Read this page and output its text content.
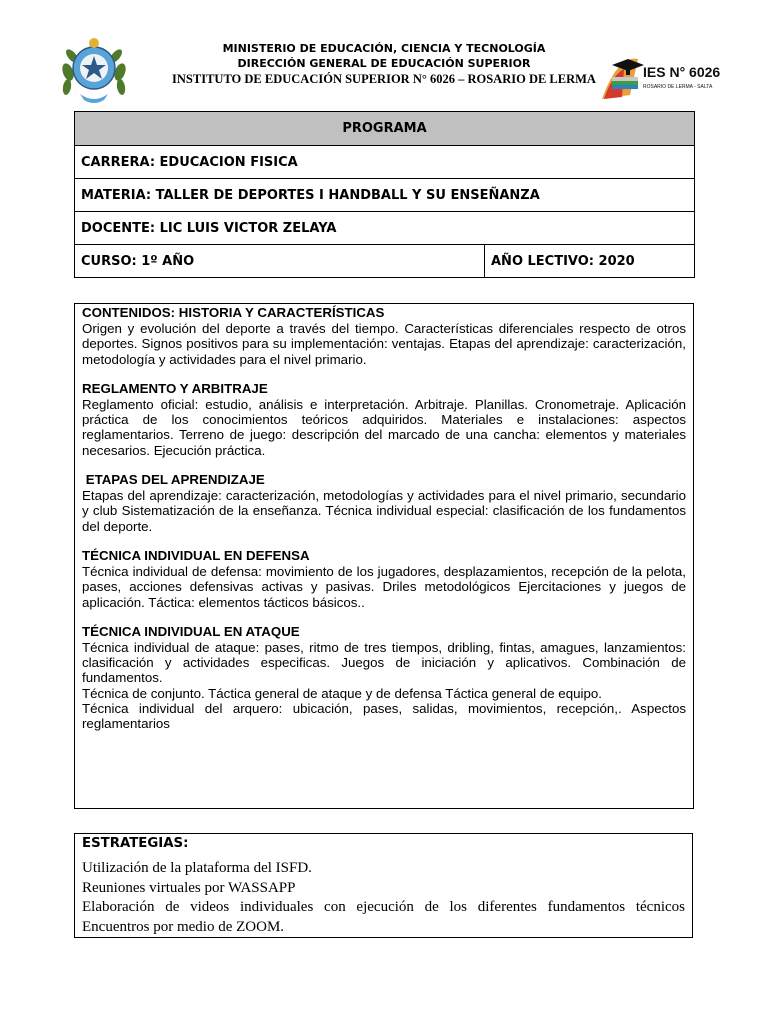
MINISTERIO DE EDUCACIÓN, CIENCIA Y TECNOLOGÍA
DIRECCIÓN GENERAL DE EDUCACIÓN SUPERIOR
INSTITUTO DE EDUCACIÓN SUPERIOR N° 6026 – ROSARIO DE LERMA	IES N° 6026
ROSARIO DE LERMA - SALTA
PROGRAMA
CARRERA: EDUCACION FISICA
MATERIA: TALLER DE DEPORTES I HANDBALL Y SU ENSEÑANZA
DOCENTE: LIC LUIS VICTOR ZELAYA
CURSO: 1º AÑO	AÑO LECTIVO: 2020
CONTENIDOS: HISTORIA Y CARACTERÍSTICAS

Origen y evolución del deporte a través del tiempo. Características diferenciales respecto de otros deportes. Signos positivos para su implementación: ventajas. Etapas del aprendizaje: caracterización, metodología y actividades para el nivel primario.

REGLAMENTO Y ARBITRAJE

Reglamento oficial: estudio, análisis e interpretación. Arbitraje. Planillas. Cronometraje. Aplicación práctica de los conocimientos teóricos adquiridos. Materiales e instalaciones: aspectos reglamentarios. Terreno de juego: descripción del marcado de una cancha: elementos y materiales necesarios. Ejecución práctica.

ETAPAS DEL APRENDIZAJE

Etapas del aprendizaje: caracterización, metodologías y actividades para el nivel primario, secundario y club Sistematización de la enseñanza. Técnica individual especial: clasificación de los fundamentos del deporte.

TÉCNICA INDIVIDUAL EN DEFENSA

Técnica individual de defensa: movimiento de los jugadores, desplazamientos, recepción de la pelota, pases, acciones defensivas activas y pasivas. Driles metodológicos Ejercitaciones y juegos de aplicación. Táctica: elementos tácticos básicos..

TÉCNICA INDIVIDUAL EN ATAQUE

Técnica individual de ataque: pases, ritmo de tres tiempos, dribling, fintas, amagues, lanzamientos: clasificación y actividades especificas. Juegos de iniciación y aplicativos. Combinación de fundamentos.

Técnica de conjunto. Táctica general de ataque y de defensa Táctica general de equipo.

Técnica individual del arquero: ubicación, pases, salidas, movimientos, recepción,. Aspectos reglamentarios

ESTRATEGIAS:
Utilización de la plataforma del ISFD.
Reuniones virtuales por WASSAPP
Elaboración de videos individuales con ejecución de los diferentes fundamentos técnicos Encuentros por medio de ZOOM.
